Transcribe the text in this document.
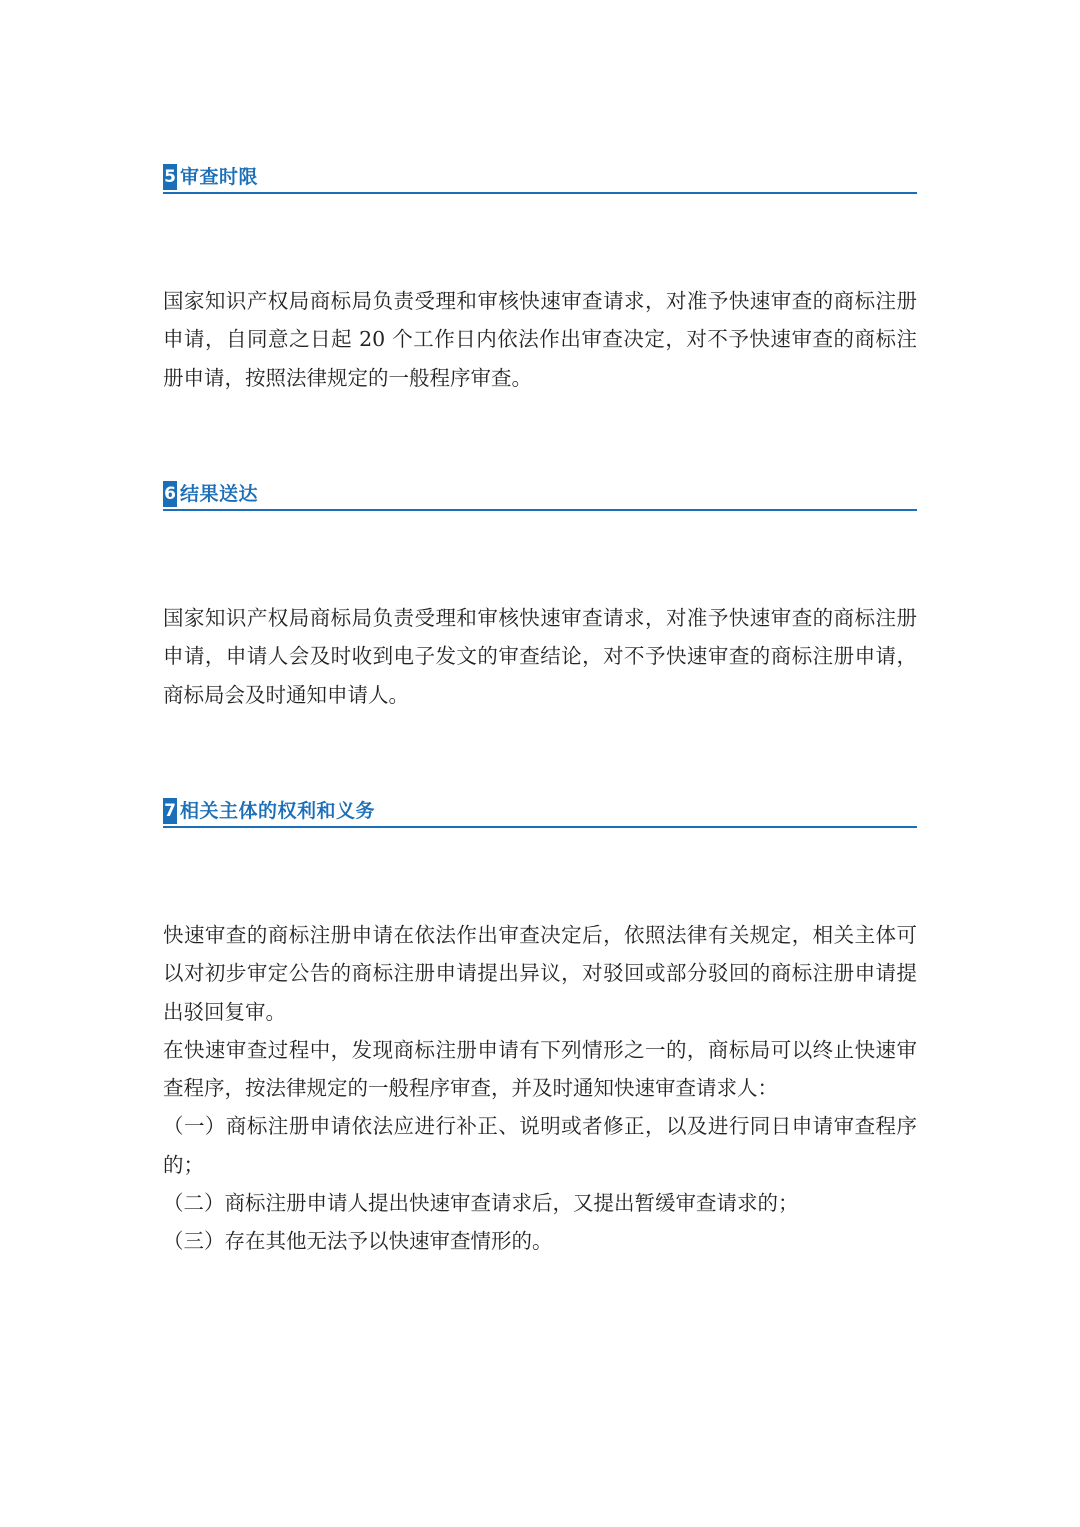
5 审查时限

国家知识产权局商标局负责受理和审核快速审查请求，对准予快速审查的商标注册申请，自同意之日起 20 个工作日内依法作出审查决定，对不予快速审查的商标注册申请，按照法律规定的一般程序审查。

6 结果送达

国家知识产权局商标局负责受理和审核快速审查请求，对准予快速审查的商标注册申请，申请人会及时收到电子发文的审查结论，对不予快速审查的商标注册申请，商标局会及时通知申请人。

7 相关主体的权利和义务

快速审查的商标注册申请在依法作出审查决定后，依照法律有关规定，相关主体可以对初步审定公告的商标注册申请提出异议，对驳回或部分驳回的商标注册申请提出驳回复审。

在快速审查过程中，发现商标注册申请有下列情形之一的，商标局可以终止快速审查程序，按法律规定的一般程序审查，并及时通知快速审查请求人：

（一）商标注册申请依法应进行补正、说明或者修正，以及进行同日申请审查程序的；

（二）商标注册申请人提出快速审查请求后，又提出暂缓审查请求的；

（三）存在其他无法予以快速审查情形的。
